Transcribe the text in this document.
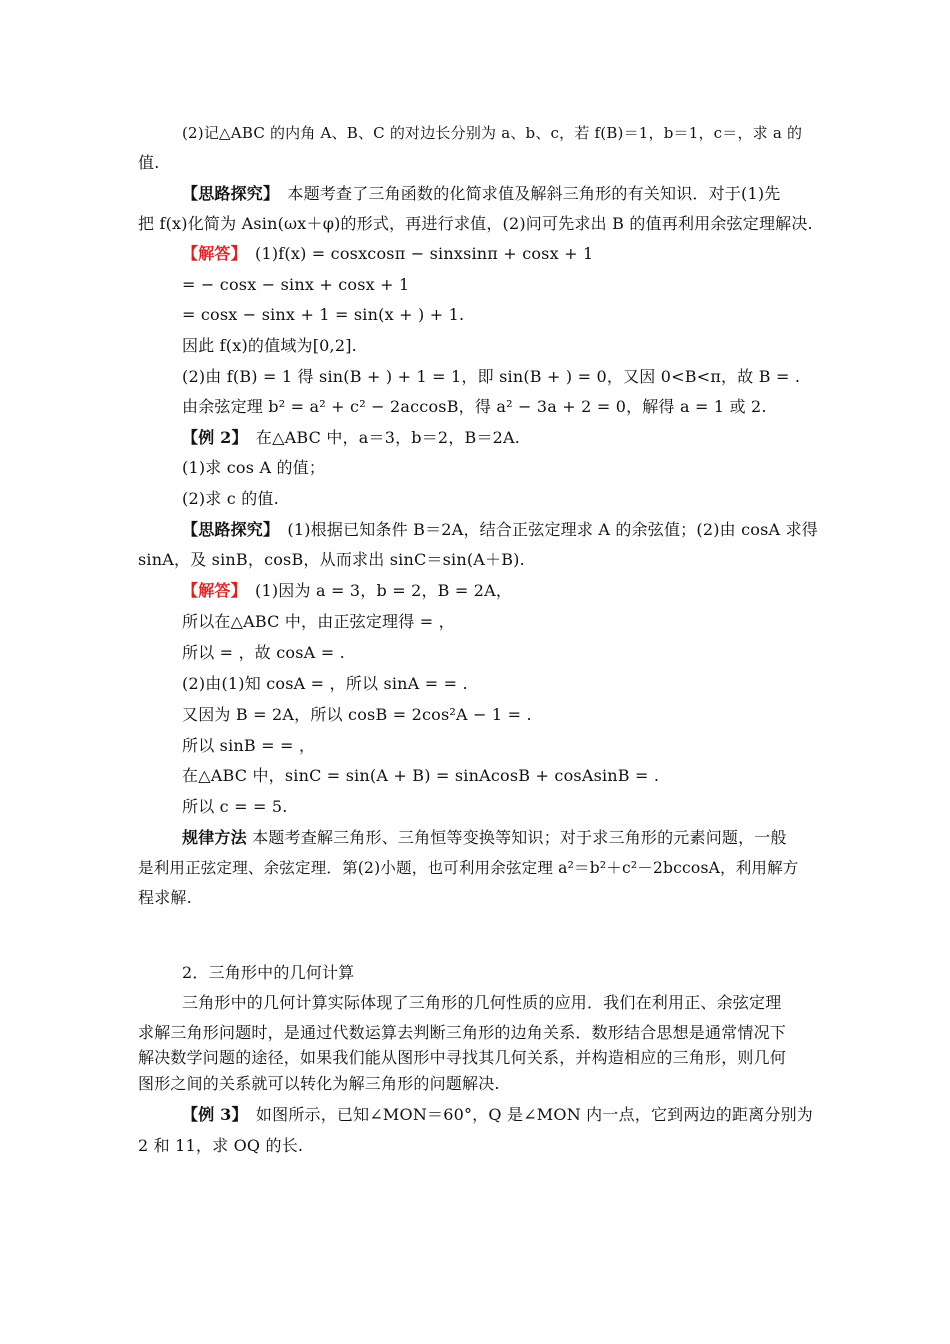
(2)记△ABC 的内角 A、B、C 的对边长分别为 a、b、c，若 f(B)＝1，b＝1，c＝，求 a 的
值.
【思路探究】　本题考查了三角函数的化简求值及解斜三角形的有关知识．对于(1)先
把 f(x)化简为 Asin(ωx＋φ)的形式，再进行求值，(2)问可先求出 B 的值再利用余弦定理解决.
【解答】　(1)f(x) = cosxcosπ − sinxsinπ + cosx + 1
= − cosx − sinx + cosx + 1
= cosx − sinx + 1 = sin(x + ) + 1.
因此 f(x)的值域为[0,2].
(2)由 f(B) = 1 得 sin(B + ) + 1 = 1，即 sin(B + ) = 0，又因 0<B<π，故 B = .
由余弦定理 b² = a² + c² − 2accosB，得 a² − 3a + 2 = 0，解得 a = 1 或 2.
【例 2】　在△ABC 中，a＝3，b＝2，B＝2A.
(1)求 cos A 的值；
(2)求 c 的值.
【思路探究】　(1)根据已知条件 B＝2A，结合正弦定理求 A 的余弦值；(2)由 cosA 求得
sinA，及 sinB，cosB，从而求出 sinC＝sin(A＋B).
【解答】　(1)因为 a = 3，b = 2，B = 2A，
所以在△ABC 中，由正弦定理得 = ，
所以 = ，故 cosA = .
(2)由(1)知 cosA = ，所以 sinA = = .
又因为 B = 2A，所以 cosB = 2cos²A − 1 = .
所以 sinB = = ，
在△ABC 中，sinC = sin(A + B) = sinAcosB + cosAsinB = .
所以 c = = 5.
规律方法 本题考查解三角形、三角恒等变换等知识；对于求三角形的元素问题，一般
是利用正弦定理、余弦定理．第(2)小题，也可利用余弦定理 a²＝b²＋c²－2bccosA，利用解方
程求解.
2．三角形中的几何计算
三角形中的几何计算实际体现了三角形的几何性质的应用．我们在利用正、余弦定理
求解三角形问题时，是通过代数运算去判断三角形的边角关系．数形结合思想是通常情况下
解决数学问题的途径，如果我们能从图形中寻找其几何关系，并构造相应的三角形，则几何
图形之间的关系就可以转化为解三角形的问题解决.
【例 3】　如图所示，已知∠MON＝60°，Q 是∠MON 内一点，它到两边的距离分别为
2 和 11，求 OQ 的长.
